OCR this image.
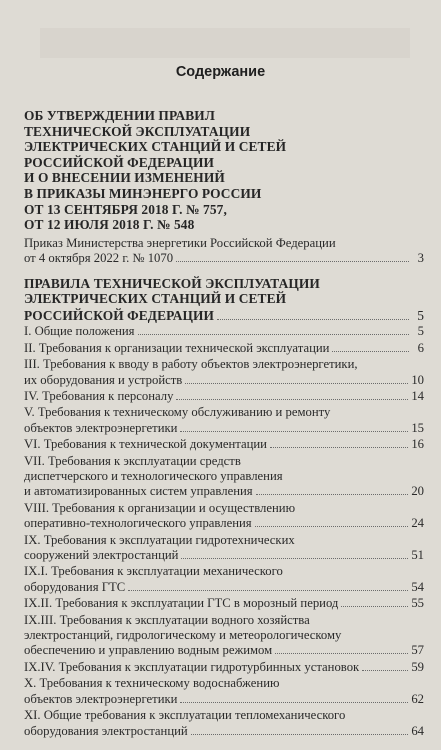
Содержание
ОБ УТВЕРЖДЕНИИ ПРАВИЛ
ТЕХНИЧЕСКОЙ ЭКСПЛУАТАЦИИ
ЭЛЕКТРИЧЕСКИХ СТАНЦИЙ И СЕТЕЙ
РОССИЙСКОЙ ФЕДЕРАЦИИ
И О ВНЕСЕНИИ ИЗМЕНЕНИЙ
В ПРИКАЗЫ МИНЭНЕРГО РОССИИ
ОТ 13 СЕНТЯБРЯ 2018 Г. № 757,
ОТ 12 ИЮЛЯ 2018 Г. № 548
Приказ Министерства энергетики Российской Федерации
от 4 октября 2022 г. № 1070	3
ПРАВИЛА ТЕХНИЧЕСКОЙ ЭКСПЛУАТАЦИИ
ЭЛЕКТРИЧЕСКИХ СТАНЦИЙ И СЕТЕЙ
РОССИЙСКОЙ ФЕДЕРАЦИИ	5
I. Общие положения	5
II. Требования к организации технической эксплуатации	6
III. Требования к вводу в работу объектов электроэнергетики,
их оборудования и устройств	10
IV. Требования к персоналу	14
V. Требования к техническому обслуживанию и ремонту
объектов электроэнергетики	15
VI. Требования к технической документации	16
VII. Требования к эксплуатации средств
диспетчерского и технологического управления
и автоматизированных систем управления	20
VIII. Требования к организации и осуществлению
оперативно-технологического управления	24
IX. Требования к эксплуатации гидротехнических
сооружений электростанций	51
IX.I. Требования к эксплуатации механического
оборудования ГТС	54
IX.II. Требования к эксплуатации ГТС в морозный период	55
IX.III. Требования к эксплуатации водного хозяйства
электростанций, гидрологическому и метеорологическому
обеспечению и управлению водным режимом	57
IX.IV. Требования к эксплуатации гидротурбинных установок	59
X. Требования к техническому водоснабжению
объектов электроэнергетики	62
XI. Общие требования к эксплуатации тепломеханического
оборудования электростанций	64
